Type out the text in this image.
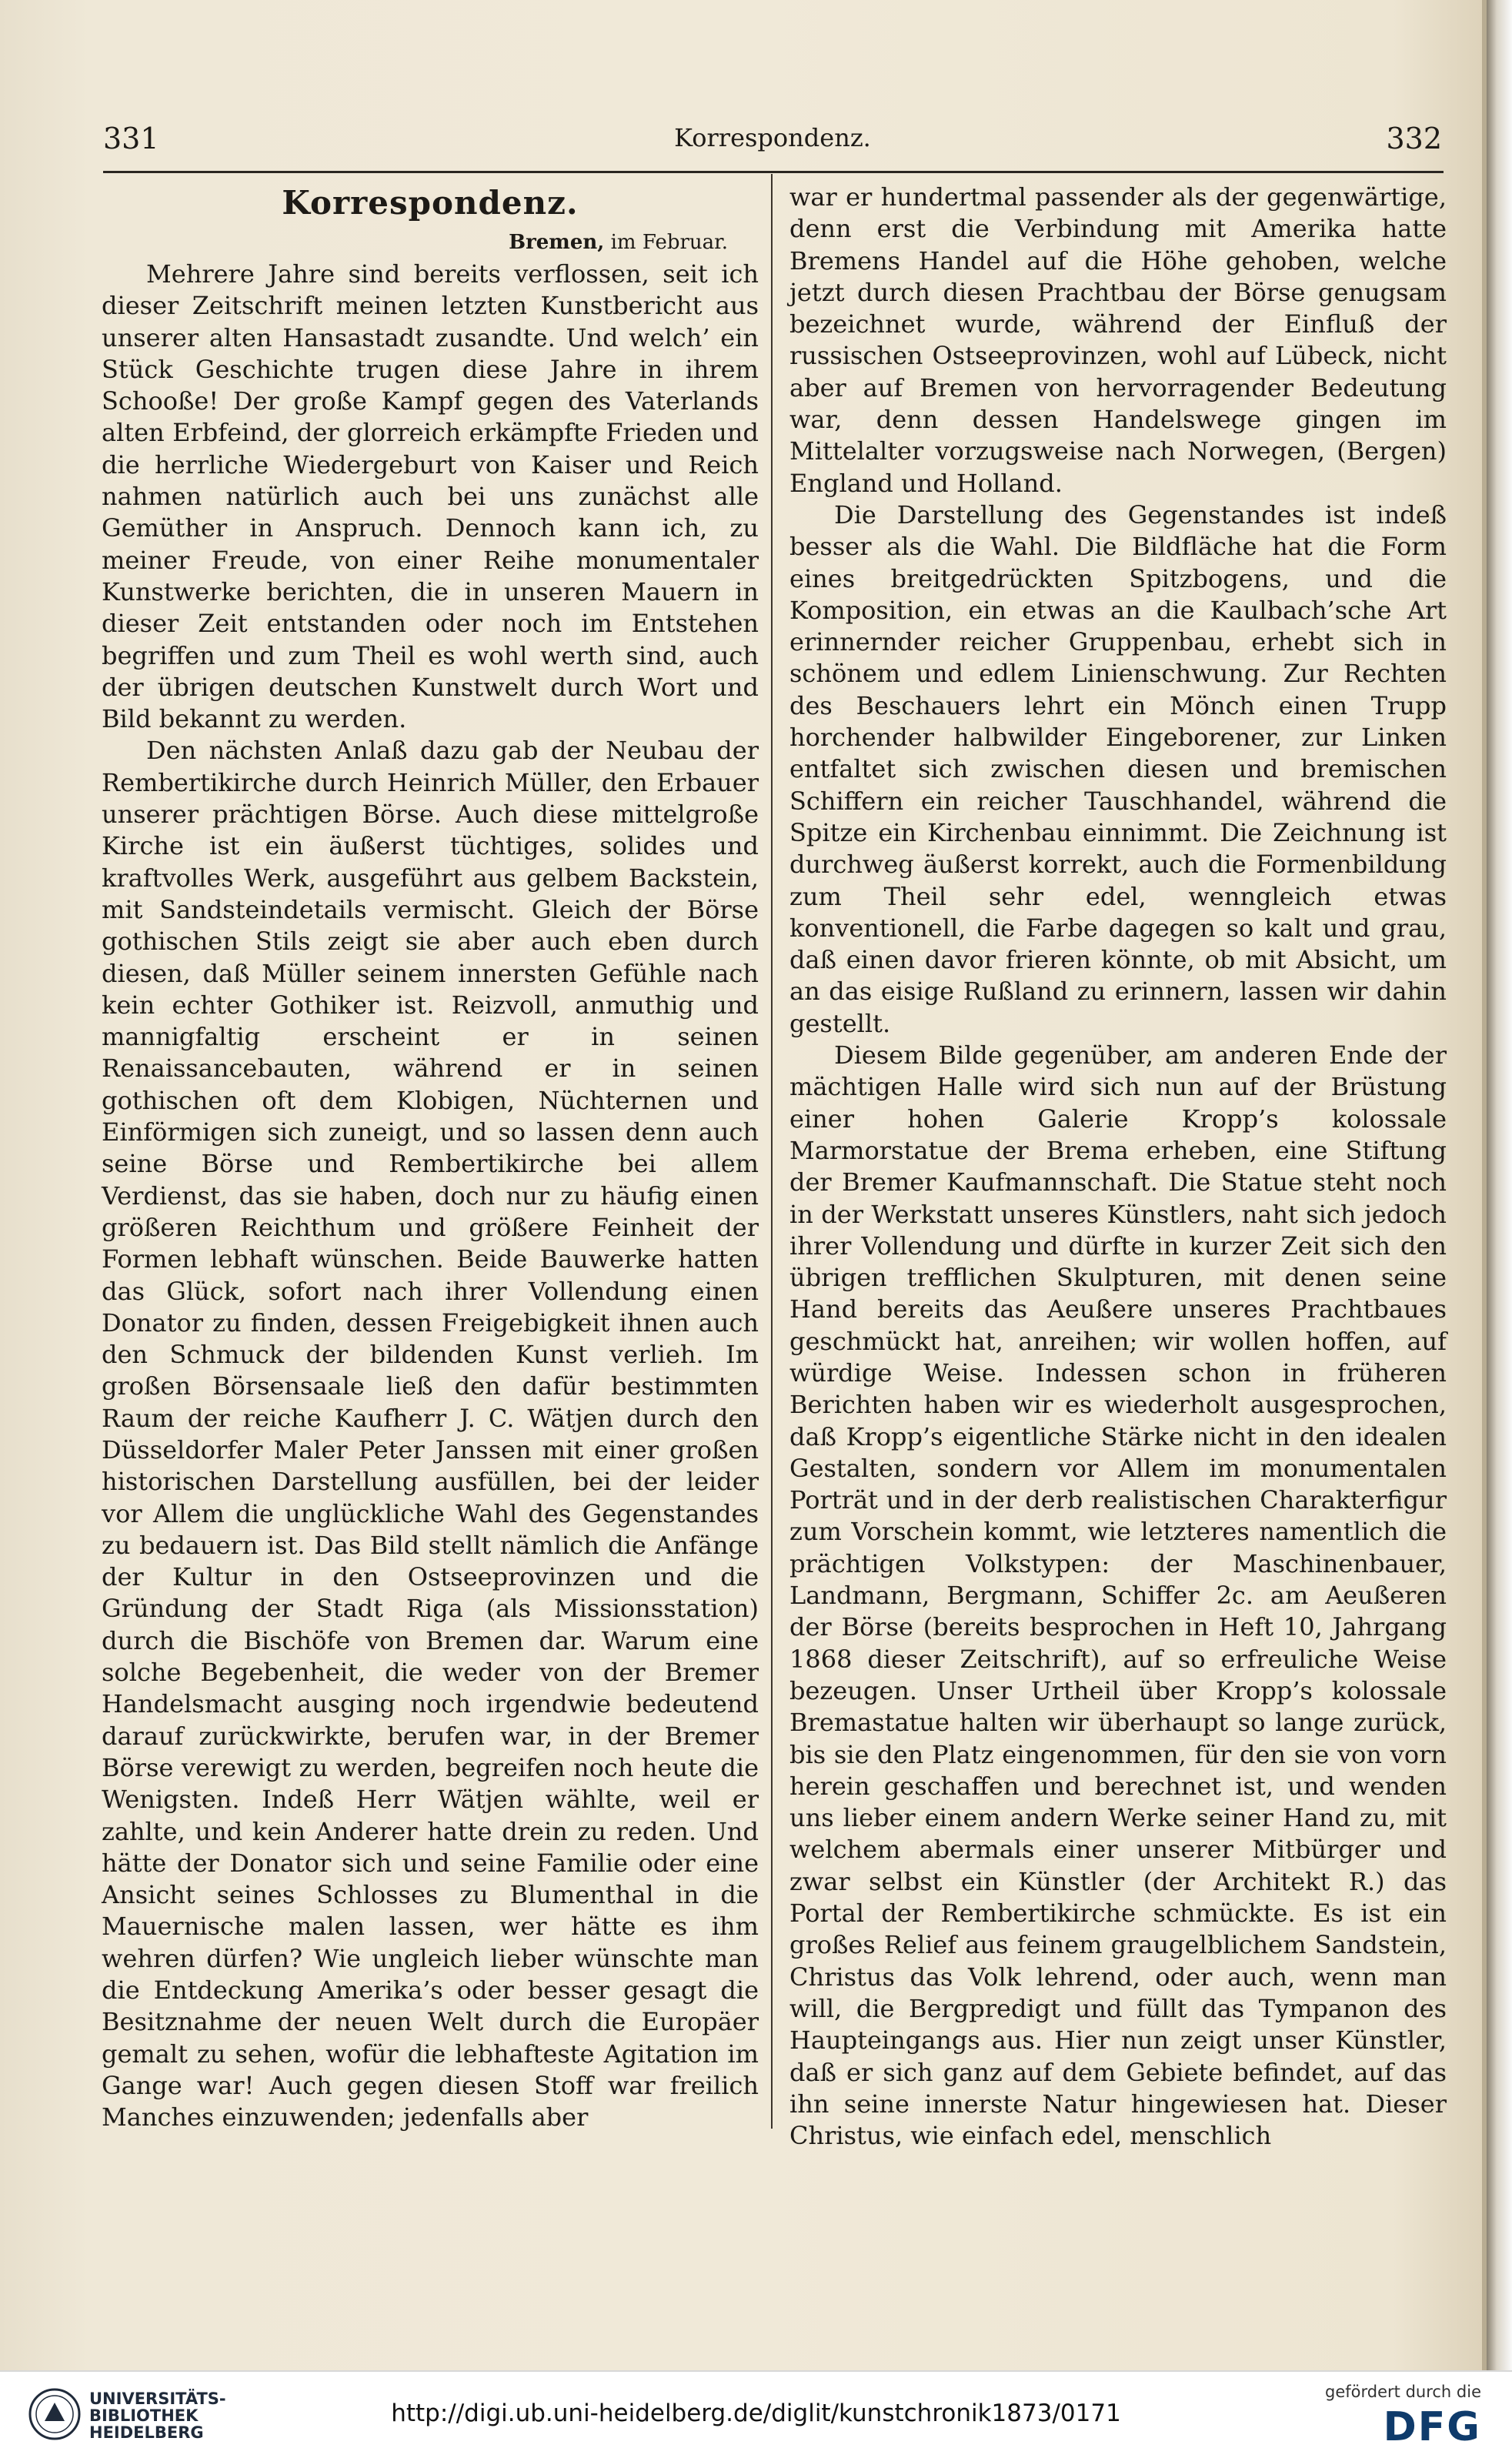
331	Korrespondenz.	332
Korrespondenz.
Bremen, im Februar.

Mehrere Jahre sind bereits verflossen, seit ich dieser Zeitschrift meinen letzten Kunstbericht aus unserer alten Hansastadt zusandte. Und welch’ ein Stück Geschichte trugen diese Jahre in ihrem Schooße! Der große Kampf gegen des Vaterlands alten Erbfeind, der glorreich erkämpfte Frieden und die herrliche Wiedergeburt von Kaiser und Reich nahmen natürlich auch bei uns zunächst alle Gemüther in Anspruch. Dennoch kann ich, zu meiner Freude, von einer Reihe monumentaler Kunstwerke berichten, die in unseren Mauern in dieser Zeit entstanden oder noch im Entstehen begriffen und zum Theil es wohl werth sind, auch der übrigen deutschen Kunstwelt durch Wort und Bild bekannt zu werden.

Den nächsten Anlaß dazu gab der Neubau der Rembertikirche durch Heinrich Müller, den Erbauer unserer prächtigen Börse. Auch diese mittelgroße Kirche ist ein äußerst tüchtiges, solides und kraftvolles Werk, ausgeführt aus gelbem Backstein, mit Sandsteindetails vermischt. Gleich der Börse gothischen Stils zeigt sie aber auch eben durch diesen, daß Müller seinem innersten Gefühle nach kein echter Gothiker ist. Reizvoll, anmuthig und mannigfaltig erscheint er in seinen Renaissancebauten, während er in seinen gothischen oft dem Klobigen, Nüchternen und Einförmigen sich zuneigt, und so lassen denn auch seine Börse und Rembertikirche bei allem Verdienst, das sie haben, doch nur zu häufig einen größeren Reichthum und größere Feinheit der Formen lebhaft wünschen. Beide Bauwerke hatten das Glück, sofort nach ihrer Vollendung einen Donator zu finden, dessen Freigebigkeit ihnen auch den Schmuck der bildenden Kunst verlieh. Im großen Börsensaale ließ den dafür bestimmten Raum der reiche Kaufherr J. C. Wätjen durch den Düsseldorfer Maler Peter Janssen mit einer großen historischen Darstellung ausfüllen, bei der leider vor Allem die unglückliche Wahl des Gegenstandes zu bedauern ist. Das Bild stellt nämlich die Anfänge der Kultur in den Ostseeprovinzen und die Gründung der Stadt Riga (als Missionsstation) durch die Bischöfe von Bremen dar. Warum eine solche Begebenheit, die weder von der Bremer Handelsmacht ausging noch irgendwie bedeutend darauf zurückwirkte, berufen war, in der Bremer Börse verewigt zu werden, begreifen noch heute die Wenigsten. Indeß Herr Wätjen wählte, weil er zahlte, und kein Anderer hatte drein zu reden. Und hätte der Donator sich und seine Familie oder eine Ansicht seines Schlosses zu Blumenthal in die Mauernische malen lassen, wer hätte es ihm wehren dürfen? Wie ungleich lieber wünschte man die Entdeckung Amerika’s oder besser gesagt die Besitznahme der neuen Welt durch die Europäer gemalt zu sehen, wofür die lebhafteste Agitation im Gange war! Auch gegen diesen Stoff war freilich Manches einzuwenden; jedenfalls aber

war er hundertmal passender als der gegenwärtige, denn erst die Verbindung mit Amerika hatte Bremens Handel auf die Höhe gehoben, welche jetzt durch diesen Prachtbau der Börse genugsam bezeichnet wurde, während der Einfluß der russischen Ostseeprovinzen, wohl auf Lübeck, nicht aber auf Bremen von hervorragender Bedeutung war, denn dessen Handelswege gingen im Mittelalter vorzugsweise nach Norwegen, (Bergen) England und Holland.

Die Darstellung des Gegenstandes ist indeß besser als die Wahl. Die Bildfläche hat die Form eines breitgedrückten Spitzbogens, und die Komposition, ein etwas an die Kaulbach’sche Art erinnernder reicher Gruppenbau, erhebt sich in schönem und edlem Linienschwung. Zur Rechten des Beschauers lehrt ein Mönch einen Trupp horchender halbwilder Eingeborener, zur Linken entfaltet sich zwischen diesen und bremischen Schiffern ein reicher Tauschhandel, während die Spitze ein Kirchenbau einnimmt. Die Zeichnung ist durchweg äußerst korrekt, auch die Formenbildung zum Theil sehr edel, wenngleich etwas konventionell, die Farbe dagegen so kalt und grau, daß einen davor frieren könnte, ob mit Absicht, um an das eisige Rußland zu erinnern, lassen wir dahin gestellt.

Diesem Bilde gegenüber, am anderen Ende der mächtigen Halle wird sich nun auf der Brüstung einer hohen Galerie Kropp’s kolossale Marmorstatue der Brema erheben, eine Stiftung der Bremer Kaufmannschaft. Die Statue steht noch in der Werkstatt unseres Künstlers, naht sich jedoch ihrer Vollendung und dürfte in kurzer Zeit sich den übrigen trefflichen Skulpturen, mit denen seine Hand bereits das Aeußere unseres Prachtbaues geschmückt hat, anreihen; wir wollen hoffen, auf würdige Weise. Indessen schon in früheren Berichten haben wir es wiederholt ausgesprochen, daß Kropp’s eigentliche Stärke nicht in den idealen Gestalten, sondern vor Allem im monumentalen Porträt und in der derb realistischen Charakterfigur zum Vorschein kommt, wie letzteres namentlich die prächtigen Volkstypen: der Maschinenbauer, Landmann, Bergmann, Schiffer 2c. am Aeußeren der Börse (bereits besprochen in Heft 10, Jahrgang 1868 dieser Zeitschrift), auf so erfreuliche Weise bezeugen. Unser Urtheil über Kropp’s kolossale Bremastatue halten wir überhaupt so lange zurück, bis sie den Platz eingenommen, für den sie von vorn herein geschaffen und berechnet ist, und wenden uns lieber einem andern Werke seiner Hand zu, mit welchem abermals einer unserer Mitbürger und zwar selbst ein Künstler (der Architekt R.) das Portal der Rembertikirche schmückte. Es ist ein großes Relief aus feinem graugelblichem Sandstein, Christus das Volk lehrend, oder auch, wenn man will, die Bergpredigt und füllt das Tympanon des Haupteingangs aus. Hier nun zeigt unser Künstler, daß er sich ganz auf dem Gebiete befindet, auf das ihn seine innerste Natur hingewiesen hat. Dieser Christus, wie einfach edel, menschlich

UNIVERSITÄTS-
BIBLIOTHEK
HEIDELBERG
http://digi.ub.uni-heidelberg.de/diglit/kunstchronik1873/0171
gefördert durch die
DFG
